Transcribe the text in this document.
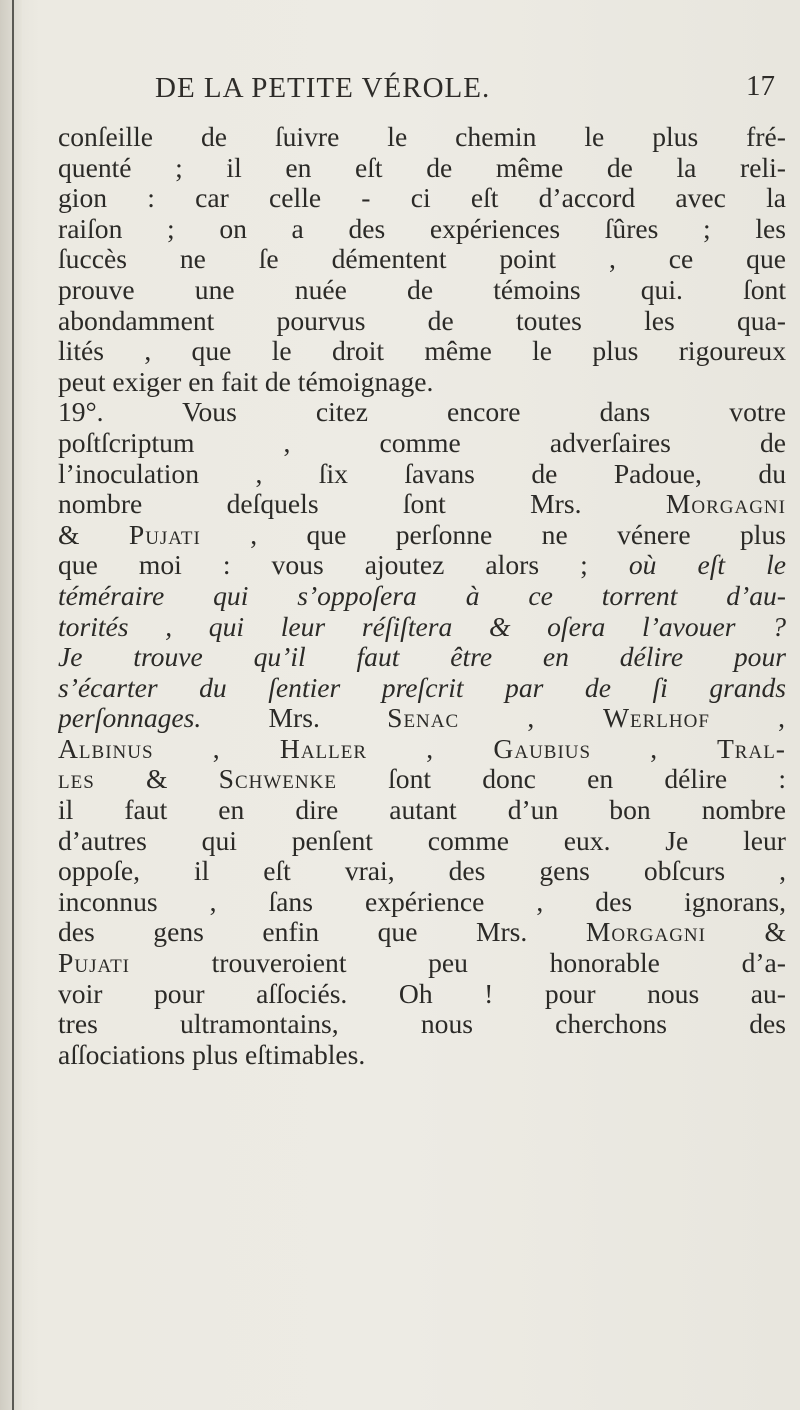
DE LA PETITE VÉROLE.	17
conſeille de ſuivre le chemin le plus fré-
quenté ; il en eſt de même de la reli-
gion : car celle - ci eſt d’accord avec la
raiſon ; on a des expériences ſûres ; les
ſuccès ne ſe démentent point , ce que
prouve une nuée de témoins qui. ſont
abondamment pourvus de toutes les qua-
lités , que le droit même le plus rigoureux
peut exiger en fait de témoignage.
19°. Vous citez encore dans votre
poſtſcriptum , comme adverſaires de
l’inoculation , ſix ſavans de Padoue, du
nombre deſquels ſont Mrs. Morgagni
& Pujati , que perſonne ne vénere plus
que moi : vous ajoutez alors ; où eſt le
téméraire qui s’oppoſera à ce torrent d’au-
torités , qui leur réſiſtera & oſera l’avouer ?
Je trouve qu’il faut être en délire pour
s’écarter du ſentier preſcrit par de ſi grands
perſonnages. Mrs. Senac , Werlhof ,
Albinus , Haller , Gaubius , Tral-
les & Schwenke ſont donc en délire :
il faut en dire autant d’un bon nombre
d’autres qui penſent comme eux. Je leur
oppoſe, il eſt vrai, des gens obſcurs ,
inconnus , ſans expérience , des ignorans,
des gens enfin que Mrs. Morgagni &
Pujati trouveroient peu honorable d’a-
voir pour aſſociés. Oh ! pour nous au-
tres ultramontains, nous cherchons des
aſſociations plus eſtimables.
